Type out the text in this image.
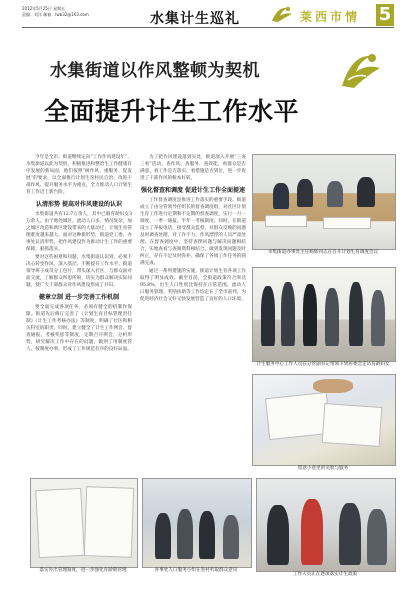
2012年5月25日 星期五
责编：刘洋 邮箱：lwb32@163.com	水集计生巡礼	莱西市情 5
水集街道以作风整顿为契机
全面提升计生工作水平

今年是全市、街道继续定向“工作作风建设年”，水集街道以此为契机，积极推进和整治生工作健康有序发展的新局面，他们按照“树作风、重服务、促发展”的要求，以全面推行计划生育村民自治、改进干部作风、提升服务水平为重点，全力推动人口计划生育工作迈上新台阶。

认清形势 提高对作风建设的认识

水集街道共有12.7万余人，其中已婚育龄妇女3万余人。由于地处城区，流动人口多、情况复杂，加之城区改造和新区建设带来的大量动迁，计划生育管理难度越来越大。面对这种新形势，街道党工委、办事处认清形势，把作风建设作为推动计生工作的重要保障，狠抓落实。

要对这些困难和问题，水集街道认识到，必须下决心转变作风、深入基层、不断提升工作水平。街道领导班子成员分工包片，带头深入社区，与群众面对面交流，了解群众所思所盼，切实为群众解决实际问题，使广大干部群众对作风建设形成了共识。

健章立制 进一步完善工作机制

要全面完成各项任务，必须有健全的机制作保障。街道先后修订完善了《计划生育目标管理责任制》《计生工作考核办法》等制度，明确了社区和相关科室的职责。同时，建立健全了计生工作例会、督查通报、考核奖惩等制度，定期召开例会，分析形势，研究解决工作中存在的问题，做到了用制度管人、按制度办事，形成了工作规范有序的良好局面。

为了把作风建设落到实处，街道深入开展“三查三看”活动，查作风、查服务、查效能，看群众是否满意、看工作是否落实、看措施是否到位，进一步促进了干部作风的根本好转。

强化督查和调度 促进计生工作全面提速

工作督查调度是推进工作落实的重要手段。街道成立了由分管领导任组长的督查调度组，对社区计划生育工作进行定期和不定期的督查调度，实行一月一调度、一季一通报、半年一考核制度。同时，在街道设立了举报电话，接受群众监督，对群众反映的问题及时调查处理，对工作不力、作风漂浮的人员严肃处理。在督查调度中，坚持查摆问题与解决问题相结合，实地查看与查阅资料相结合，做到发现问题及时纠正，存在不足及时弥补，确保了各项工作任务的圆满完成。

通过一系列措施的实施，街道计划生育各项工作取得了明显成效。截至目前，全街道政策符合率达95.8%，出生人口性别比保持在正常范围，流动人口服务管理、奖励扶助等工作均走在了全市前列，为促进经济社会又好又快发展营造了良好的人口环境。

水集街道办事处主任杨辉同志在召开计划生育调度会议
计生服务中心工作人员在分管副书记带领下到居委会走访育龄妇女
留意小巷里的笑脸与服务
落实外出管理制度，进一步强化育龄期管理	办事处人口服务小组在进村听取群众意见
工作人员正在逐项落实计生政策
